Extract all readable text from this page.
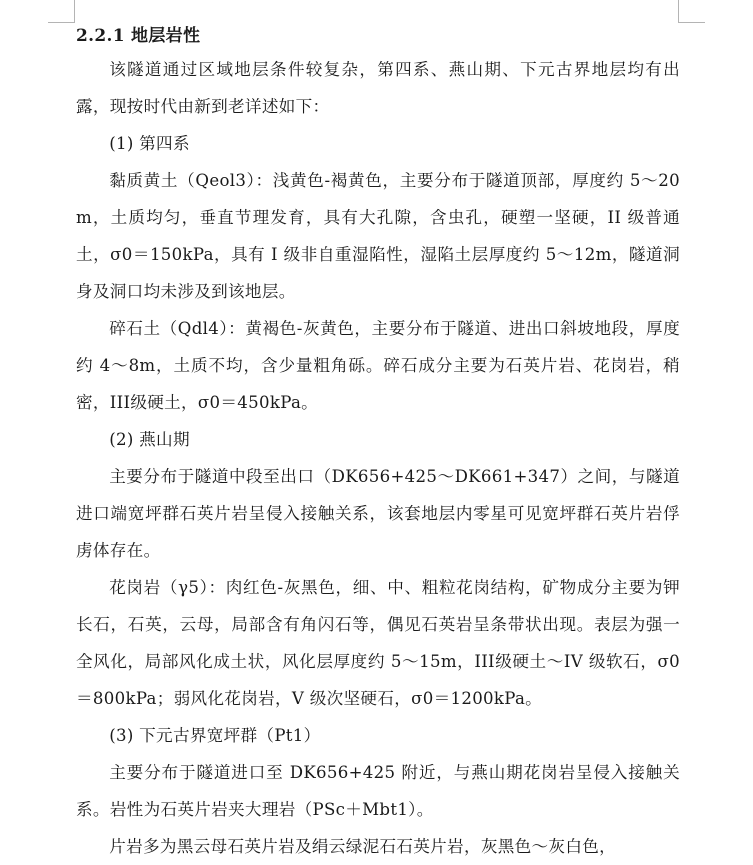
2.2.1 地层岩性

该隧道通过区域地层条件较复杂，第四系、燕山期、下元古界地层均有出露，现按时代由新到老详述如下：

(1) 第四系

黏质黄土（Qeol3）：浅黄色-褐黄色，主要分布于隧道顶部，厚度约 5～20m，土质均匀，垂直节理发育，具有大孔隙，含虫孔，硬塑一坚硬，II 级普通土，σ0＝150kPa，具有 I 级非自重湿陷性，湿陷土层厚度约 5～12m，隧道洞身及洞口均未涉及到该地层。

碎石土（Qdl4）：黄褐色-灰黄色，主要分布于隧道、进出口斜坡地段，厚度约 4～8m，土质不均，含少量粗角砾。碎石成分主要为石英片岩、花岗岩，稍密，III级硬土，σ0＝450kPa。

(2) 燕山期

主要分布于隧道中段至出口（DK656+425～DK661+347）之间，与隧道进口端宽坪群石英片岩呈侵入接触关系，该套地层内零星可见宽坪群石英片岩俘虏体存在。

花岗岩（γ5）：肉红色-灰黑色，细、中、粗粒花岗结构，矿物成分主要为钾长石，石英，云母，局部含有角闪石等，偶见石英岩呈条带状出现。表层为强一全风化，局部风化成土状，风化层厚度约 5～15m，III级硬土～IV 级软石，σ0＝800kPa；弱风化花岗岩，V 级次坚硬石，σ0＝1200kPa。

(3) 下元古界宽坪群（Pt1）

主要分布于隧道进口至 DK656+425 附近，与燕山期花岗岩呈侵入接触关系。岩性为石英片岩夹大理岩（PSc＋Mbt1）。

片岩多为黑云母石英片岩及绢云绿泥石石英片岩，灰黑色～灰白色，
